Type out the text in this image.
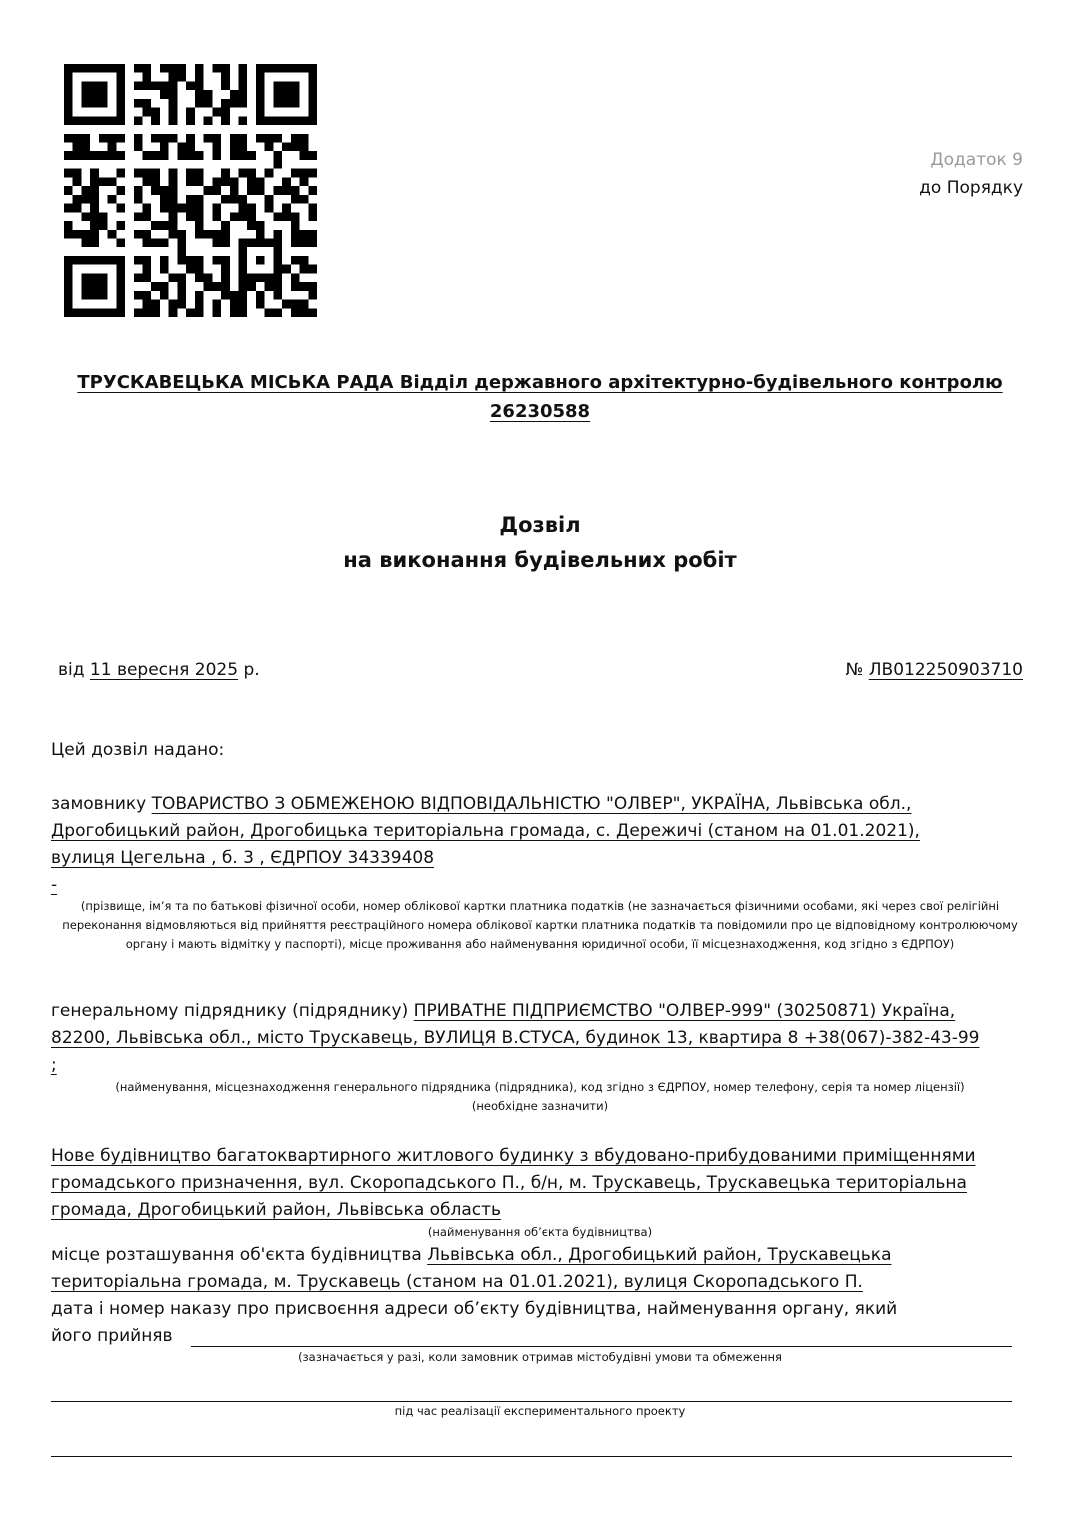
Додаток 9
до Порядку
ТРУСКАВЕЦЬКА МІСЬКА РАДА Відділ державного архітектурно-будівельного контролю
26230588
Дозвіл
на виконання будівельних робіт
від 11 вересня 2025 р.	№ ЛВ012250903710
Цей дозвіл надано:
замовнику ТОВАРИСТВО З ОБМЕЖЕНОЮ ВІДПОВІДАЛЬНІСТЮ "ОЛВЕР", УКРАЇНА, Львівська обл.,
Дрогобицький район, Дрогобицька територіальна громада, с. Дережичі (станом на 01.01.2021),
вулиця Цегельна , б. 3 , ЄДРПОУ 34339408
-
(прізвище, ім’я та по батькові фізичної особи, номер облікової картки платника податків (не зазначається фізичними особами, які через свої релігійні переконання відмовляються від прийняття реєстраційного номера облікової картки платника податків та повідомили про це відповідному контролюючому органу і мають відмітку у паспорті), місце проживання або найменування юридичної особи, її місцезнаходження, код згідно з ЄДРПОУ)
генеральному підряднику (підряднику) ПРИВАТНЕ ПІДПРИЄМСТВО "ОЛВЕР-999" (30250871) Україна,
82200, Львівська обл., місто Трускавець, ВУЛИЦЯ В.СТУСА, будинок 13, квартира 8 +38(067)-382-43-99
;
(найменування, місцезнаходження генерального підрядника (підрядника), код згідно з ЄДРПОУ, номер телефону, серія та номер ліцензії)
(необхідне зазначити)
Нове будівництво багатоквартирного житлового будинку з вбудовано-прибудованими приміщеннями
громадського призначення, вул. Скоропадського П., б/н, м. Трускавець, Трускавецька територіальна
громада, Дрогобицький район, Львівська область
(найменування об’єкта будівництва)
місце розташування об'єкта будівництва Львівська обл., Дрогобицький район, Трускавецька
територіальна громада, м. Трускавець (станом на 01.01.2021), вулиця Скоропадського П.
дата і номер наказу про присвоєння адреси об’єкту будівництва, найменування органу, який
його прийняв
(зазначається у разі, коли замовник отримав містобудівні умови та обмеження
під час реалізації експериментального проекту
